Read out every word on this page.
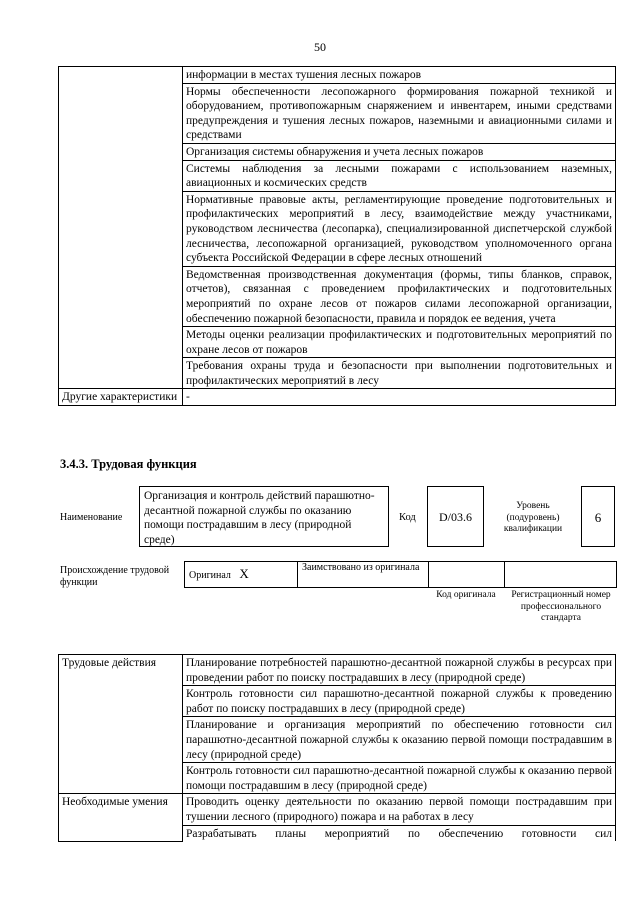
50
	информации в местах тушения лесных пожаров
	Нормы обеспеченности лесопожарного формирования пожарной техникой и оборудованием, противопожарным снаряжением и инвентарем, иными средствами предупреждения и тушения лесных пожаров, наземными и авиационными силами и средствами
	Организация системы обнаружения и учета лесных пожаров
	Системы наблюдения за лесными пожарами с использованием наземных, авиационных и космических средств
	Нормативные правовые акты, регламентирующие проведение подготовительных и профилактических мероприятий в лесу, взаимодействие между участниками, руководством лесничества (лесопарка), специализированной диспетчерской службой лесничества, лесопожарной организацией, руководством уполномоченного органа субъекта Российской Федерации в сфере лесных отношений
	Ведомственная производственная документация (формы, типы бланков, справок, отчетов), связанная с проведением профилактических и подготовительных мероприятий по охране лесов от пожаров силами лесопожарной организации, обеспечению пожарной безопасности, правила и порядок ее ведения, учета
	Методы оценки реализации профилактических и подготовительных мероприятий по охране лесов от пожаров
	Требования охраны труда и безопасности при выполнении подготовительных и профилактических мероприятий в лесу
Другие характеристики	-
3.4.3. Трудовая функция
Наименование
Организация и контроль действий парашютно-десантной пожарной службы по оказанию помощи пострадавшим в лесу (природной среде)
Код	D/03.6
Уровень (подуровень) квалификации
6
Происхождение трудовой функции
Оригинал X	Заимствовано из оригинала		
Код оригинала	Регистрационный номер профессионального стандарта
Трудовые действия	Планирование потребностей парашютно-десантной пожарной службы в ресурсах при проведении работ по поиску пострадавших в лесу (природной среде)
	Контроль готовности сил парашютно-десантной пожарной службы к проведению работ по поиску пострадавших в лесу (природной среде)
	Планирование и организация мероприятий по обеспечению готовности сил парашютно-десантной пожарной службы к оказанию первой помощи пострадавшим в лесу (природной среде)
	Контроль готовности сил парашютно-десантной пожарной службы к оказанию первой помощи пострадавшим в лесу (природной среде)
Необходимые умения	Проводить оценку деятельности по оказанию первой помощи пострадавшим при тушении лесного (природного) пожара и на работах в лесу
	Разрабатывать планы мероприятий по обеспечению готовности сил
